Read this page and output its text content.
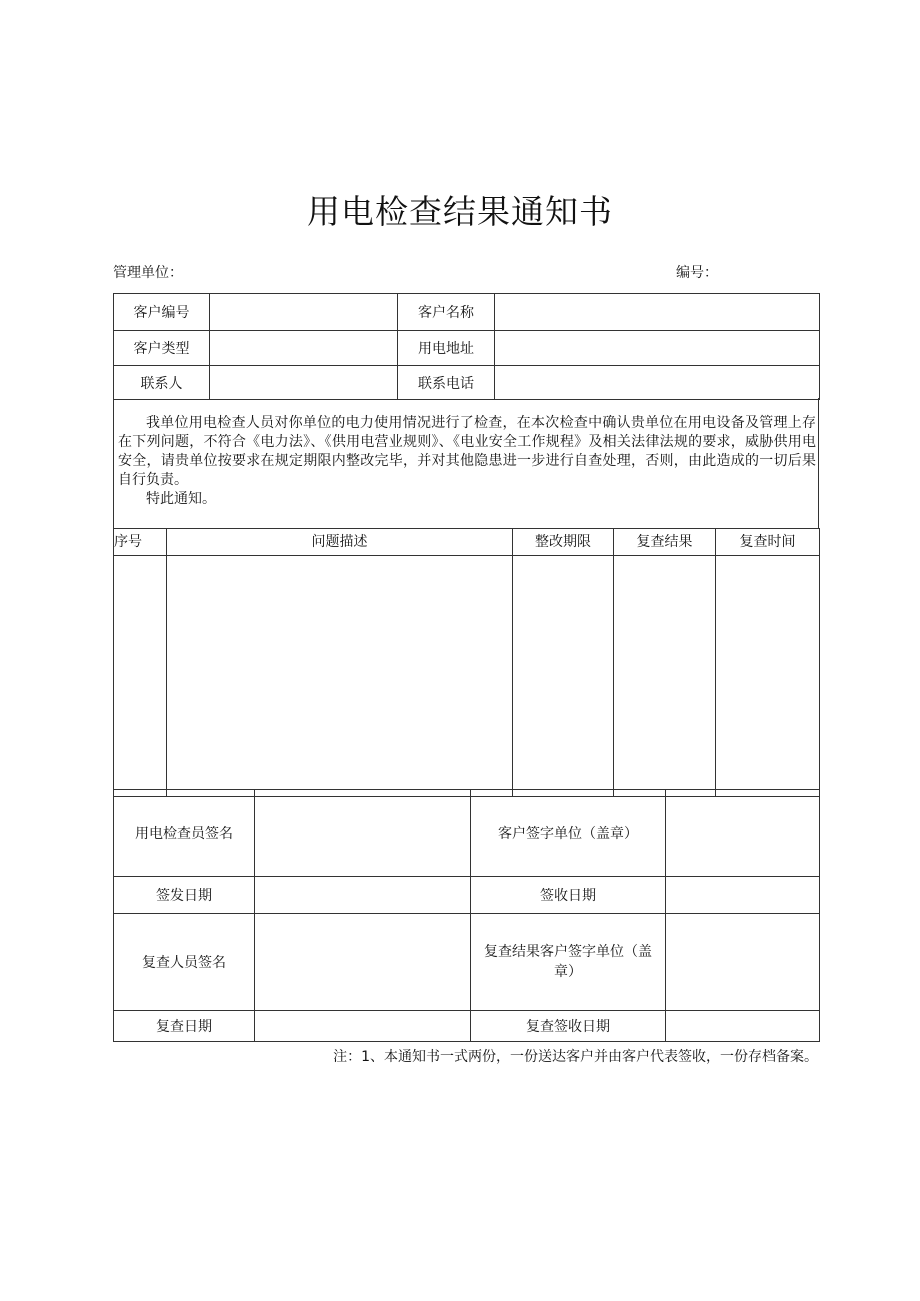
用电检查结果通知书
管理单位：	编号：
客户编号		客户名称	
客户类型		用电地址	
联系人		联系电话	

我单位用电检查人员对你单位的电力使用情况进行了检查，在本次检查中确认贵单位在用电设备及管理上存在下列问题，不符合《电力法》、《供用电营业规则》、《电业安全工作规程》及相关法律法规的要求，威胁供用电安全，请贵单位按要求在规定期限内整改完毕，并对其他隐患进一步进行自查处理，否则，由此造成的一切后果自行负责。

特此通知。

序号	问题描述	整改期限	复查结果	复查时间

用电检查员签名		客户签字单位（盖章）	
签发日期		签收日期	
复查人员签名		复查结果客户签字单位（盖章）	
复查日期		复查签收日期	
注：1、本通知书一式两份，一份送达客户并由客户代表签收，一份存档备案。
